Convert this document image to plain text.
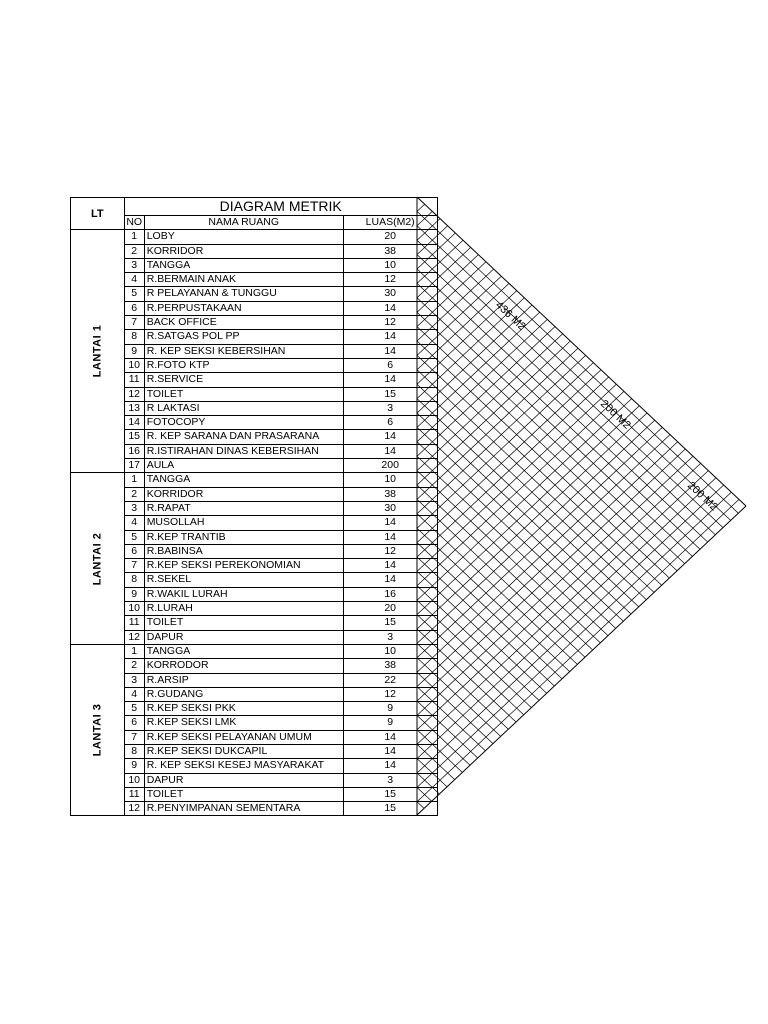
436 M2
200 M2
200 M2
LT	DIAGRAM METRIK		
	NO	NAMA RUANG	LUAS(M2)
LANTAI 1	1	LOBY	20
	2	KORRIDOR	38
	3	TANGGA	10
	4	R.BERMAIN ANAK	12
	5	R PELAYANAN & TUNGGU	30
	6	R.PERPUSTAKAAN	14
	7	BACK OFFICE	12
	8	R.SATGAS POL PP	14
	9	R. KEP SEKSI KEBERSIHAN	14
	10	R.FOTO KTP	6
	11	R.SERVICE	14
	12	TOILET	15
	13	R LAKTASI	3
	14	FOTOCOPY	6
	15	R. KEP SARANA DAN PRASARANA	14
	16	R.ISTIRAHAN DINAS KEBERSIHAN	14
	17	AULA	200
LANTAI 2	1	TANGGA	10
	2	KORRIDOR	38
	3	R.RAPAT	30
	4	MUSOLLAH	14
	5	R.KEP TRANTIB	14
	6	R.BABINSA	12
	7	R.KEP SEKSI PEREKONOMIAN	14
	8	R.SEKEL	14
	9	R.WAKIL LURAH	16
	10	R.LURAH	20
	11	TOILET	15
	12	DAPUR	3
LANTAI 3	1	TANGGA	10
	2	KORRODOR	38
	3	R.ARSIP	22
	4	R.GUDANG	12
	5	R.KEP SEKSI PKK	9
	6	R.KEP SEKSI LMK	9
	7	R.KEP SEKSI PELAYANAN UMUM	14
	8	R.KEP SEKSI DUKCAPIL	14
	9	R. KEP SEKSI KESEJ MASYARAKAT	14
	10	DAPUR	3
	11	TOILET	15
	12	R.PENYIMPANAN SEMENTARA	15
